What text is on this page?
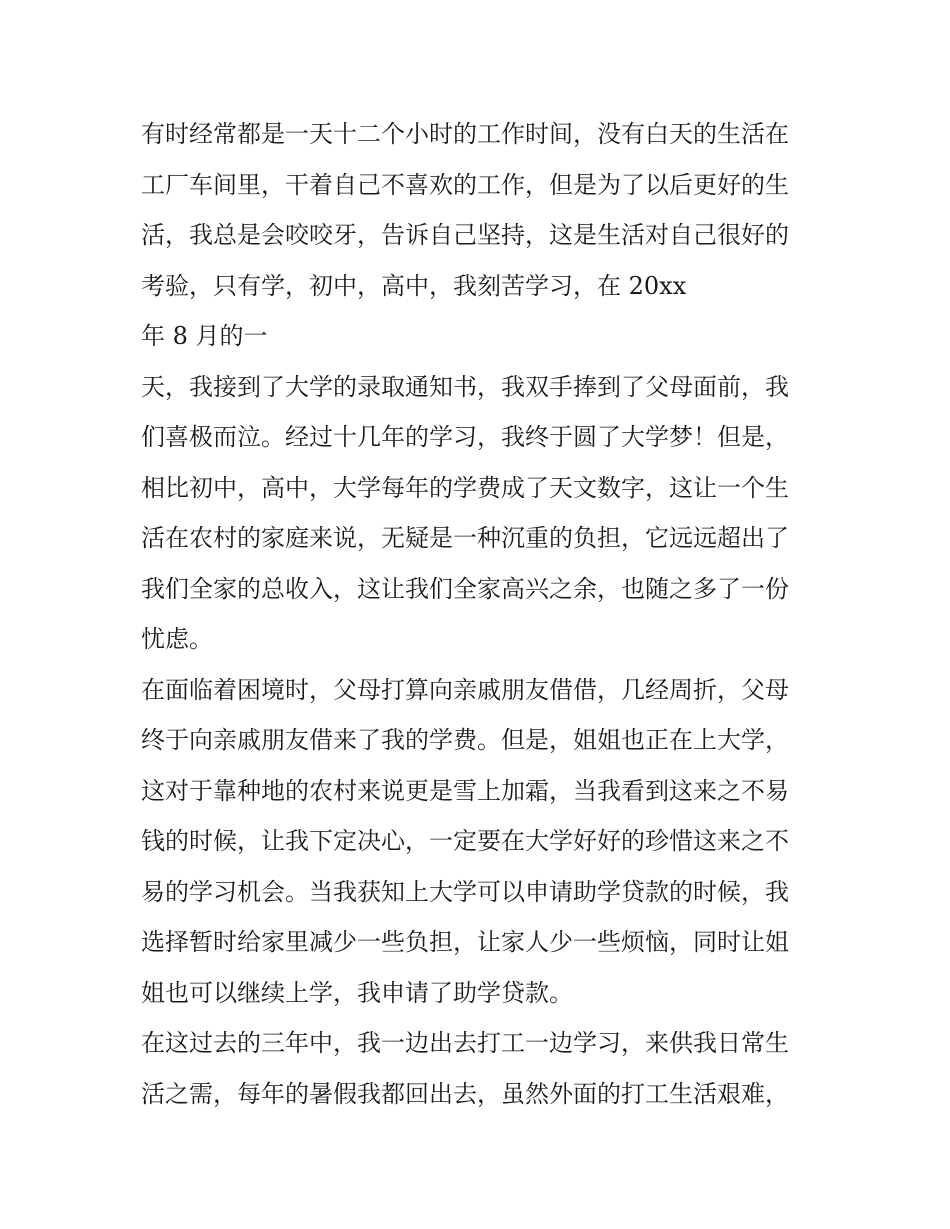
有时经常都是一天十二个小时的工作时间，没有白天的生活在
工厂车间里，干着自己不喜欢的工作，但是为了以后更好的生
活，我总是会咬咬牙，告诉自己坚持，这是生活对自己很好的
考验，只有学，初中，高中，我刻苦学习，在 20xx
年 8 月的一
天，我接到了大学的录取通知书，我双手捧到了父母面前，我
们喜极而泣。经过十几年的学习，我终于圆了大学梦！但是，
相比初中，高中，大学每年的学费成了天文数字，这让一个生
活在农村的家庭来说，无疑是一种沉重的负担，它远远超出了
我们全家的总收入，这让我们全家高兴之余，也随之多了一份
忧虑。
在面临着困境时，父母打算向亲戚朋友借借，几经周折，父母
终于向亲戚朋友借来了我的学费。但是，姐姐也正在上大学，
这对于靠种地的农村来说更是雪上加霜，当我看到这来之不易
钱的时候，让我下定决心，一定要在大学好好的珍惜这来之不
易的学习机会。当我获知上大学可以申请助学贷款的时候，我
选择暂时给家里减少一些负担，让家人少一些烦恼，同时让姐
姐也可以继续上学，我申请了助学贷款。
在这过去的三年中，我一边出去打工一边学习，来供我日常生
活之需，每年的暑假我都回出去，虽然外面的打工生活艰难，
